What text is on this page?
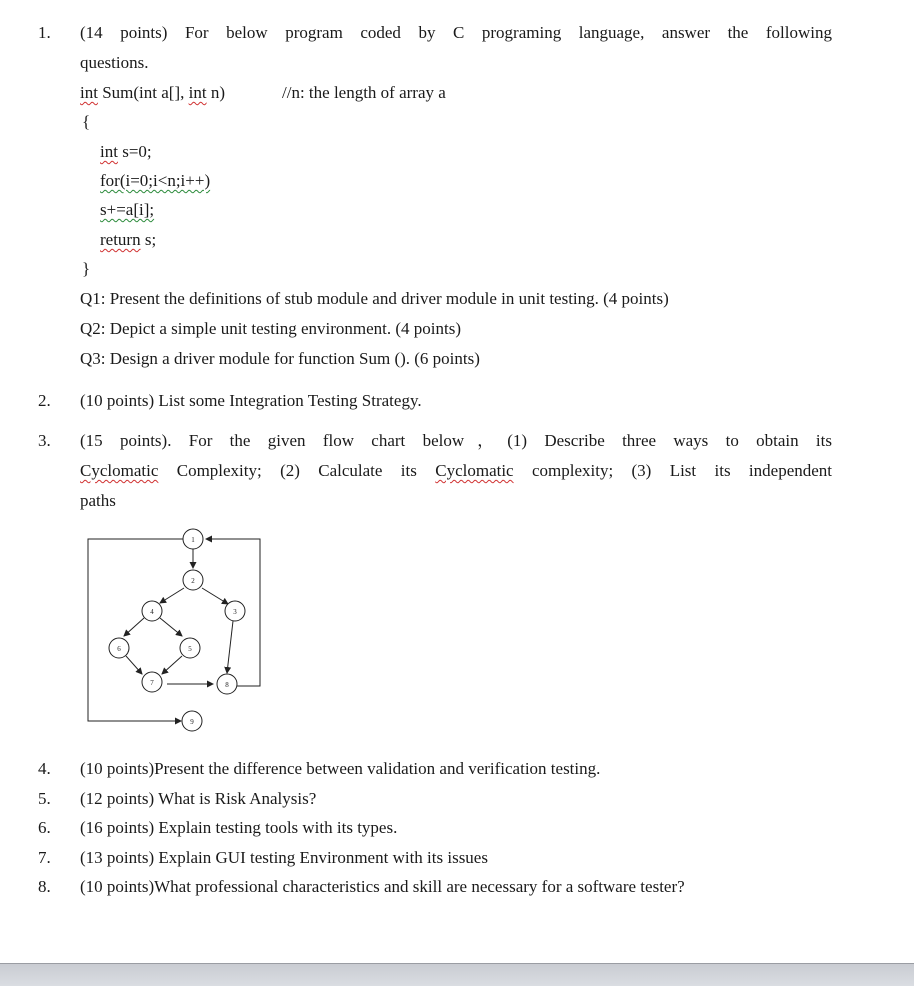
1. (14 points) For below program coded by C programing language, answer the following
questions.
int Sum(int a[], int n)	//n: the length of array a
{
int s=0;
for(i=0;i<n;i++)
s+=a[i];
return s;
}
Q1: Present the definitions of stub module and driver module in unit testing. (4 points)
Q2: Depict a simple unit testing environment. (4 points)
Q3: Design a driver module for function Sum (). (6 points)
2. (10 points) List some Integration Testing Strategy.
3. (15 points). For the given flow chart below，(1) Describe three ways to obtain its
Cyclomatic Complexity; (2) Calculate its Cyclomatic complexity; (3) List its independent
paths
1
2
3
4
5
6
7	8
9
4. (10 points)Present the difference between validation and verification testing.
5. (12 points) What is Risk Analysis?
6. (16 points) Explain testing tools with its types.
7. (13 points) Explain GUI testing Environment with its issues
8. (10 points)What professional characteristics and skill are necessary for a software tester?
